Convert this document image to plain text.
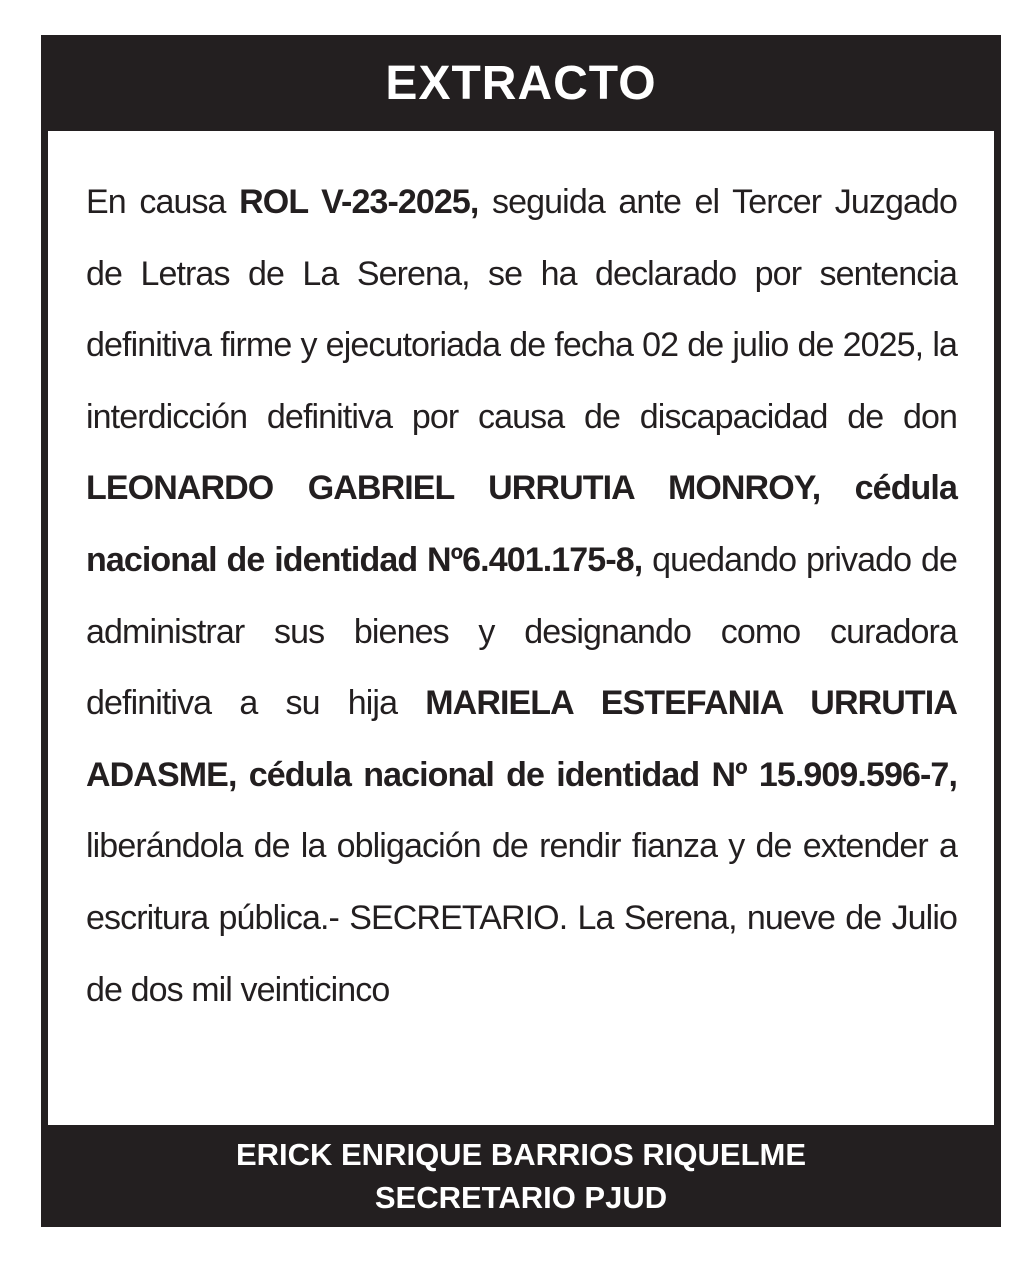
EXTRACTO

En causa ROL V-23-2025, seguida ante el Tercer Juzgado de Letras de La Serena, se ha declarado por sentencia definitiva firme y ejecutoriada de fecha 02 de julio de 2025, la interdicción definitiva por causa de discapacidad de don LEONARDO GABRIEL URRUTIA MONROY, cédula nacional de identidad Nº6.401.175-8, quedando privado de administrar sus bienes y designando como curadora definitiva a su hija MARIELA ESTEFANIA URRUTIA ADASME, cédula nacional de identidad Nº 15.909.596-7, liberándola de la obligación de rendir fianza y de extender a escritura pública.- SECRETARIO. La Serena, nueve de Julio de dos mil veinticinco

ERICK ENRIQUE BARRIOS RIQUELME
SECRETARIO PJUD
